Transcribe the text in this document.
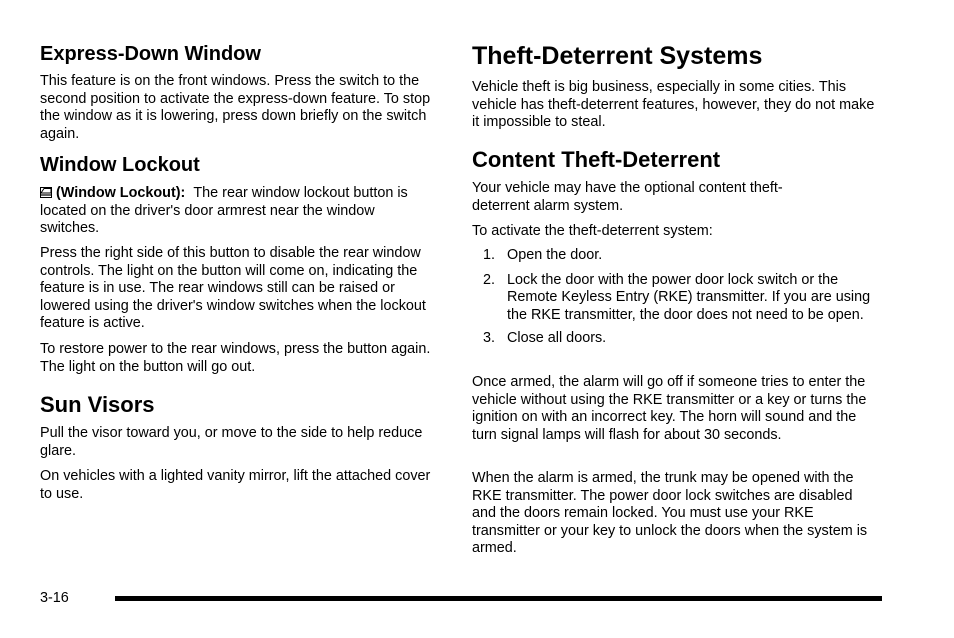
Express-Down Window

This feature is on the front windows. Press the switch to the second position to activate the express-down feature. To stop the window as it is lowering, press down briefly on the switch again.

Window Lockout

(Window Lockout): The rear window lockout button is located on the driver's door armrest near the window switches.

Press the right side of this button to disable the rear window controls. The light on the button will come on, indicating the feature is in use. The rear windows still can be raised or lowered using the driver's window switches when the lockout feature is active.

To restore power to the rear windows, press the button again. The light on the button will go out.

Sun Visors

Pull the visor toward you, or move to the side to help reduce glare.

On vehicles with a lighted vanity mirror, lift the attached cover to use.

Theft-Deterrent Systems

Vehicle theft is big business, especially in some cities. This vehicle has theft-deterrent features, however, they do not make it impossible to steal.

Content Theft-Deterrent

Your vehicle may have the optional content theft-deterrent alarm system.

To activate the theft-deterrent system:

1. Open the door.
2. Lock the door with the power door lock switch or the Remote Keyless Entry (RKE) transmitter. If you are using the RKE transmitter, the door does not need to be open.
3. Close all doors.

Once armed, the alarm will go off if someone tries to enter the vehicle without using the RKE transmitter or a key or turns the ignition on with an incorrect key. The horn will sound and the turn signal lamps will flash for about 30 seconds.

When the alarm is armed, the trunk may be opened with the RKE transmitter. The power door lock switches are disabled and the doors remain locked. You must use your RKE transmitter or your key to unlock the doors when the system is armed.

3-16
